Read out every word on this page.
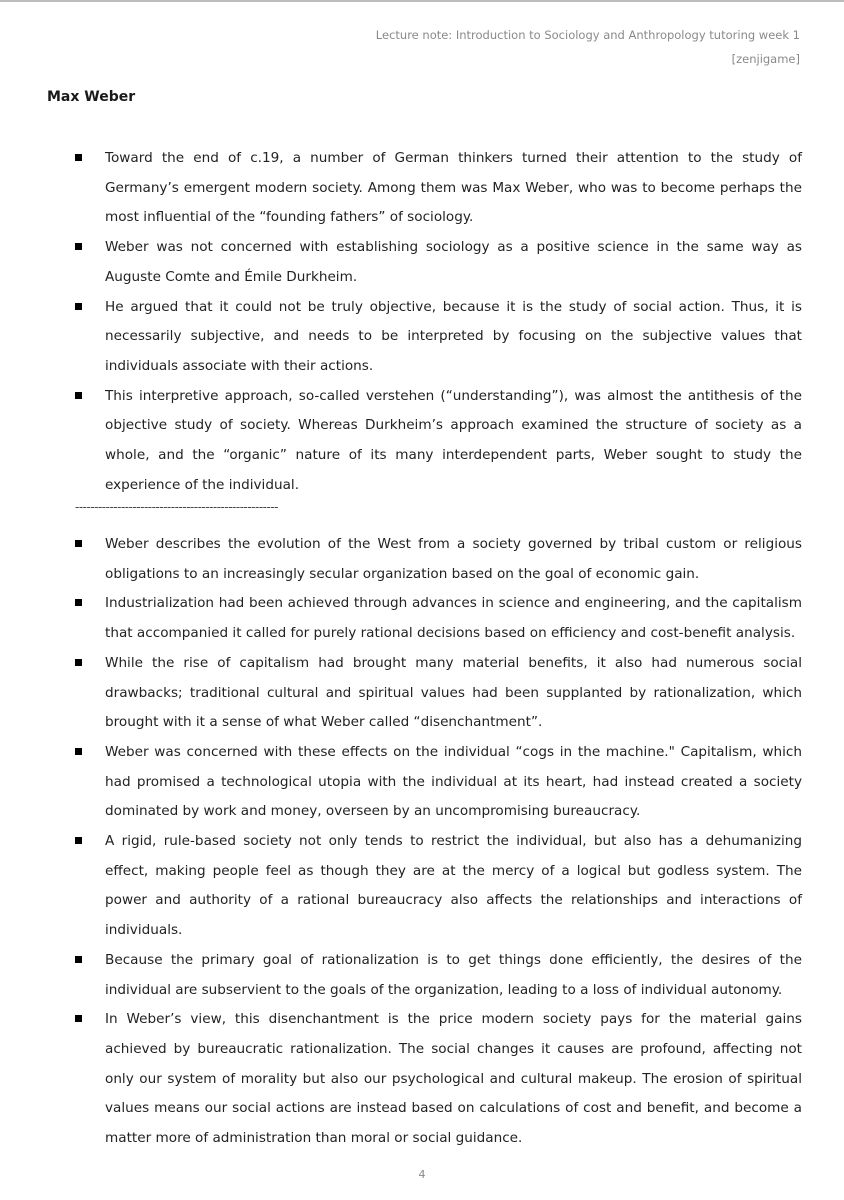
Lecture note: Introduction to Sociology and Anthropology tutoring week 1
[zenjigame]
Max Weber
Toward the end of c.19, a number of German thinkers turned their attention to the study of Germany’s emergent modern society. Among them was Max Weber, who was to become perhaps the most influential of the “founding fathers” of sociology.
Weber was not concerned with establishing sociology as a positive science in the same way as Auguste Comte and Émile Durkheim.
He argued that it could not be truly objective, because it is the study of social action. Thus, it is necessarily subjective, and needs to be interpreted by focusing on the subjective values that individuals associate with their actions.
This interpretive approach, so-called verstehen (“understanding”), was almost the antithesis of the objective study of society. Whereas Durkheim’s approach examined the structure of society as a whole, and the “organic” nature of its many interdependent parts, Weber sought to study the experience of the individual.
-----------------------------------------------------
Weber describes the evolution of the West from a society governed by tribal custom or religious obligations to an increasingly secular organization based on the goal of economic gain.
Industrialization had been achieved through advances in science and engineering, and the capitalism that accompanied it called for purely rational decisions based on efficiency and cost-benefit analysis.
While the rise of capitalism had brought many material benefits, it also had numerous social drawbacks; traditional cultural and spiritual values had been supplanted by rationalization, which brought with it a sense of what Weber called “disenchantment”.
Weber was concerned with these effects on the individual “cogs in the machine." Capitalism, which had promised a technological utopia with the individual at its heart, had instead created a society dominated by work and money, overseen by an uncompromising bureaucracy.
A rigid, rule-based society not only tends to restrict the individual, but also has a dehumanizing effect, making people feel as though they are at the mercy of a logical but godless system. The power and authority of a rational bureaucracy also affects the relationships and interactions of individuals.
Because the primary goal of rationalization is to get things done efficiently, the desires of the individual are subservient to the goals of the organization, leading to a loss of individual autonomy.
In Weber’s view, this disenchantment is the price modern society pays for the material gains achieved by bureaucratic rationalization. The social changes it causes are profound, affecting not only our system of morality but also our psychological and cultural makeup. The erosion of spiritual values means our social actions are instead based on calculations of cost and benefit, and become a matter more of administration than moral or social guidance.
4
